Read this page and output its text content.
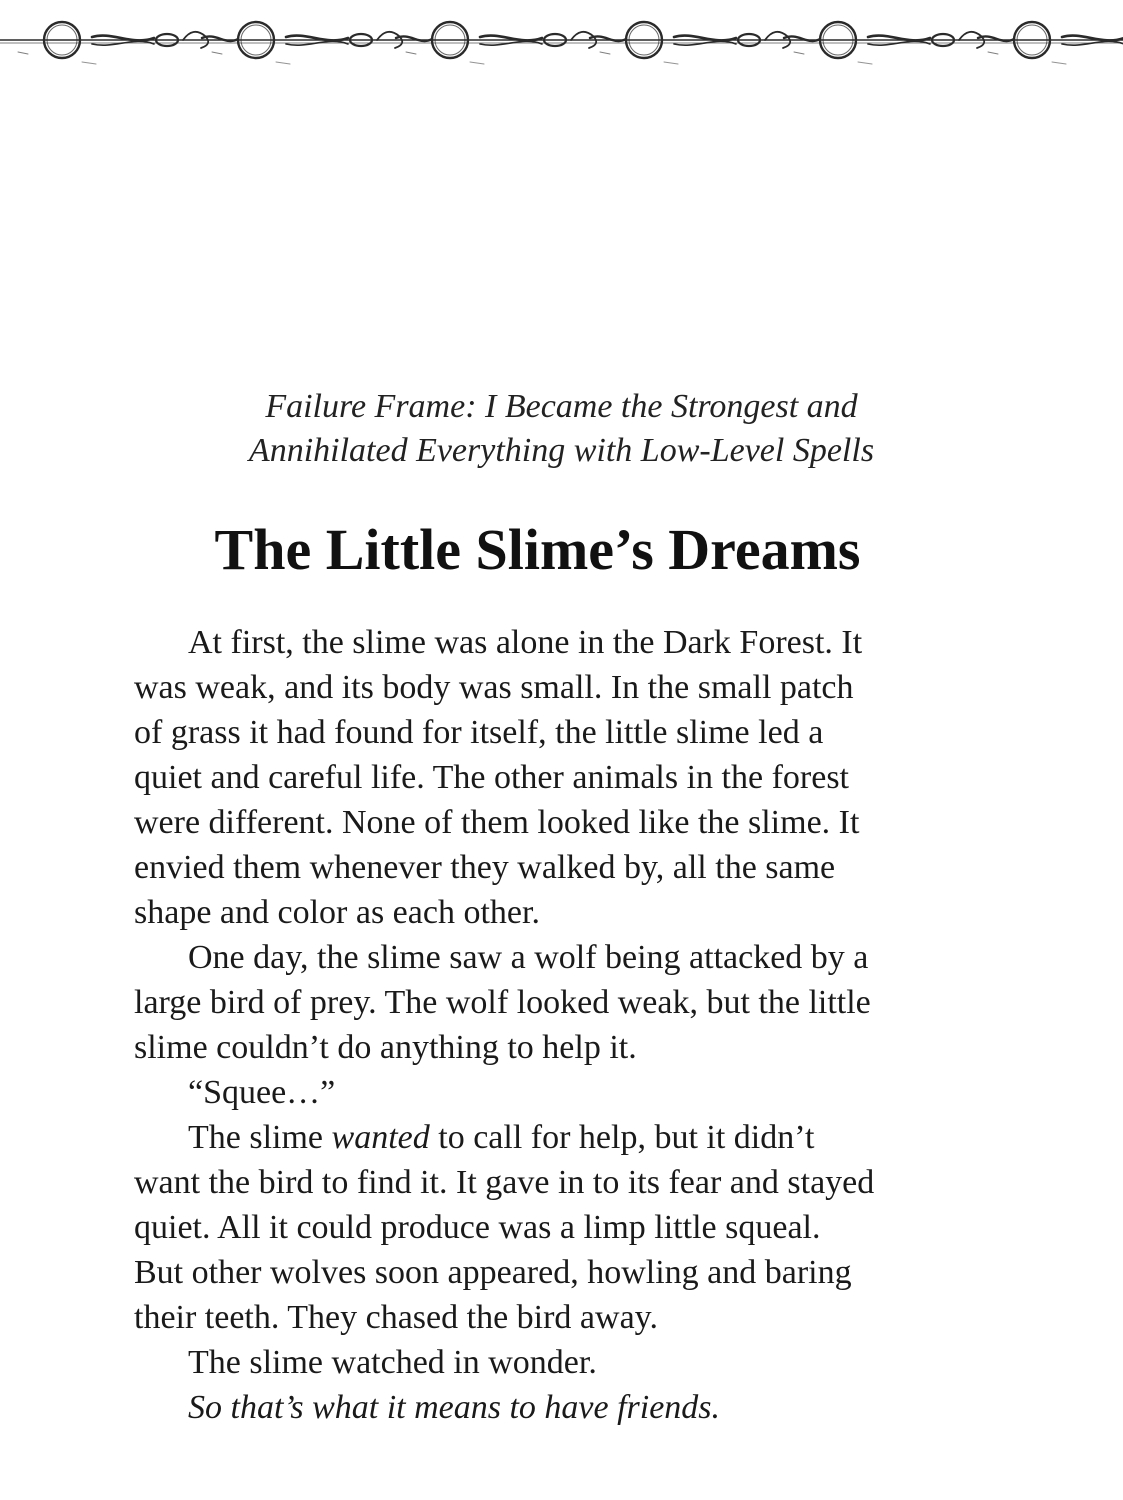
Failure Frame: I Became the Strongest and
Annihilated Everything with Low-Level Spells
The Little Slime’s Dreams
At first, the slime was alone in the Dark Forest. It
was weak, and its body was small. In the small patch
of grass it had found for itself, the little slime led a
quiet and careful life. The other animals in the forest
were different. None of them looked like the slime. It
envied them whenever they walked by, all the same
shape and color as each other.
One day, the slime saw a wolf being attacked by a
large bird of prey. The wolf looked weak, but the little
slime couldn’t do anything to help it.
“Squee…”
The slime wanted to call for help, but it didn’t
want the bird to find it. It gave in to its fear and stayed
quiet. All it could produce was a limp little squeal.
But other wolves soon appeared, howling and baring
their teeth. They chased the bird away.
The slime watched in wonder.
So that’s what it means to have friends.
